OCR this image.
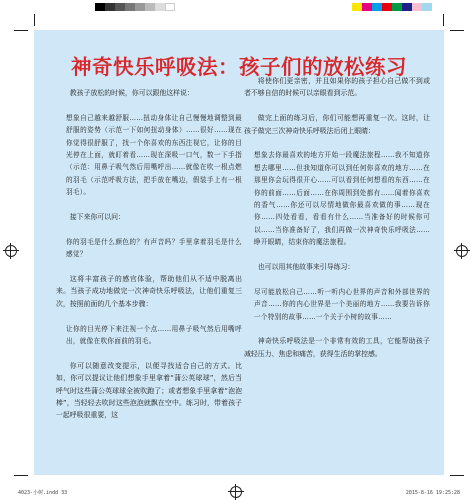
神奇快乐呼吸法：孩子们的放松练习
教孩子放松的时候，你可以跟他这样说：
想象自己越来越舒服……扭动身体让自己慢慢地调整到最舒服的姿势（示范一下如何扭动身体）……很好……现在你觉得很舒服了，找一个你喜欢的东西注视它，让你的目光停在上面，就盯着看……现在深吸一口气，数一下手指（示范：用鼻子吸气然后用嘴呼出……就像在吹一根点燃的羽毛（示范呼吸方法，把手放在嘴边，假装手上有一根羽毛）。
接下来你可以问：
你的羽毛是什么颜色的？有声音吗？手里拿着羽毛是什么感觉？
这将丰富孩子的感官体验，帮助他们从不适中脱离出来。当孩子成功地做完一次神奇快乐呼吸法，让他们重复三次，按照前面的几个基本步骤：
让你的目光停下来注视一个点……用鼻子吸气然后用嘴呼出，就像在吹你面前的羽毛。
你可以随意改变提示，以便寻找适合自己的方式。比如，你可以提议让他们想象手里拿着“蒲公英球球”，然后当呼气时这些蒲公英球球全被吹跑了；或者想象手里拿着“泡泡棒”，当轻轻去吹时这些泡泡就飘在空中。练习时，带着孩子一起呼吸很重要，这
将使你们更亲密，并且如果你的孩子担心自己做不到或者不够自信的时候可以亲眼看到示范。
做完上面的练习后，你们可能想再重复一次。这时，让孩子做完三次神奇快乐呼吸法后闭上眼睛：
想象去你最喜欢的地方开始一段魔法旅程……我不知道你想去哪里……但我知道你可以到任何你喜欢的地方……在那里你会玩得很开心……可以看到任何想看的东西……在你的前面……后面……在你周围到处都有……闻着你喜欢的香气……你还可以尽情地做你最喜欢做的事……现在你……四处看看，看看有什么……当准备好的时候你可以……当你准备好了，我们再做一次神奇快乐呼吸法……睁开眼睛，结束你的魔法旅程。
也可以用其他故事来引导练习：
尽可能放松自己……听一听内心世界的声音和外部世界的声音……你的内心世界是一个美丽的地方……我要告诉你一个特别的故事……一个关于小树的故事……
神奇快乐呼吸法是一个非常有效的工具，它能帮助孩子减轻压力、焦虑和痛苦，获得生活的掌控感。
4023-小树.indd 33	2015-8-16 19:25:28
